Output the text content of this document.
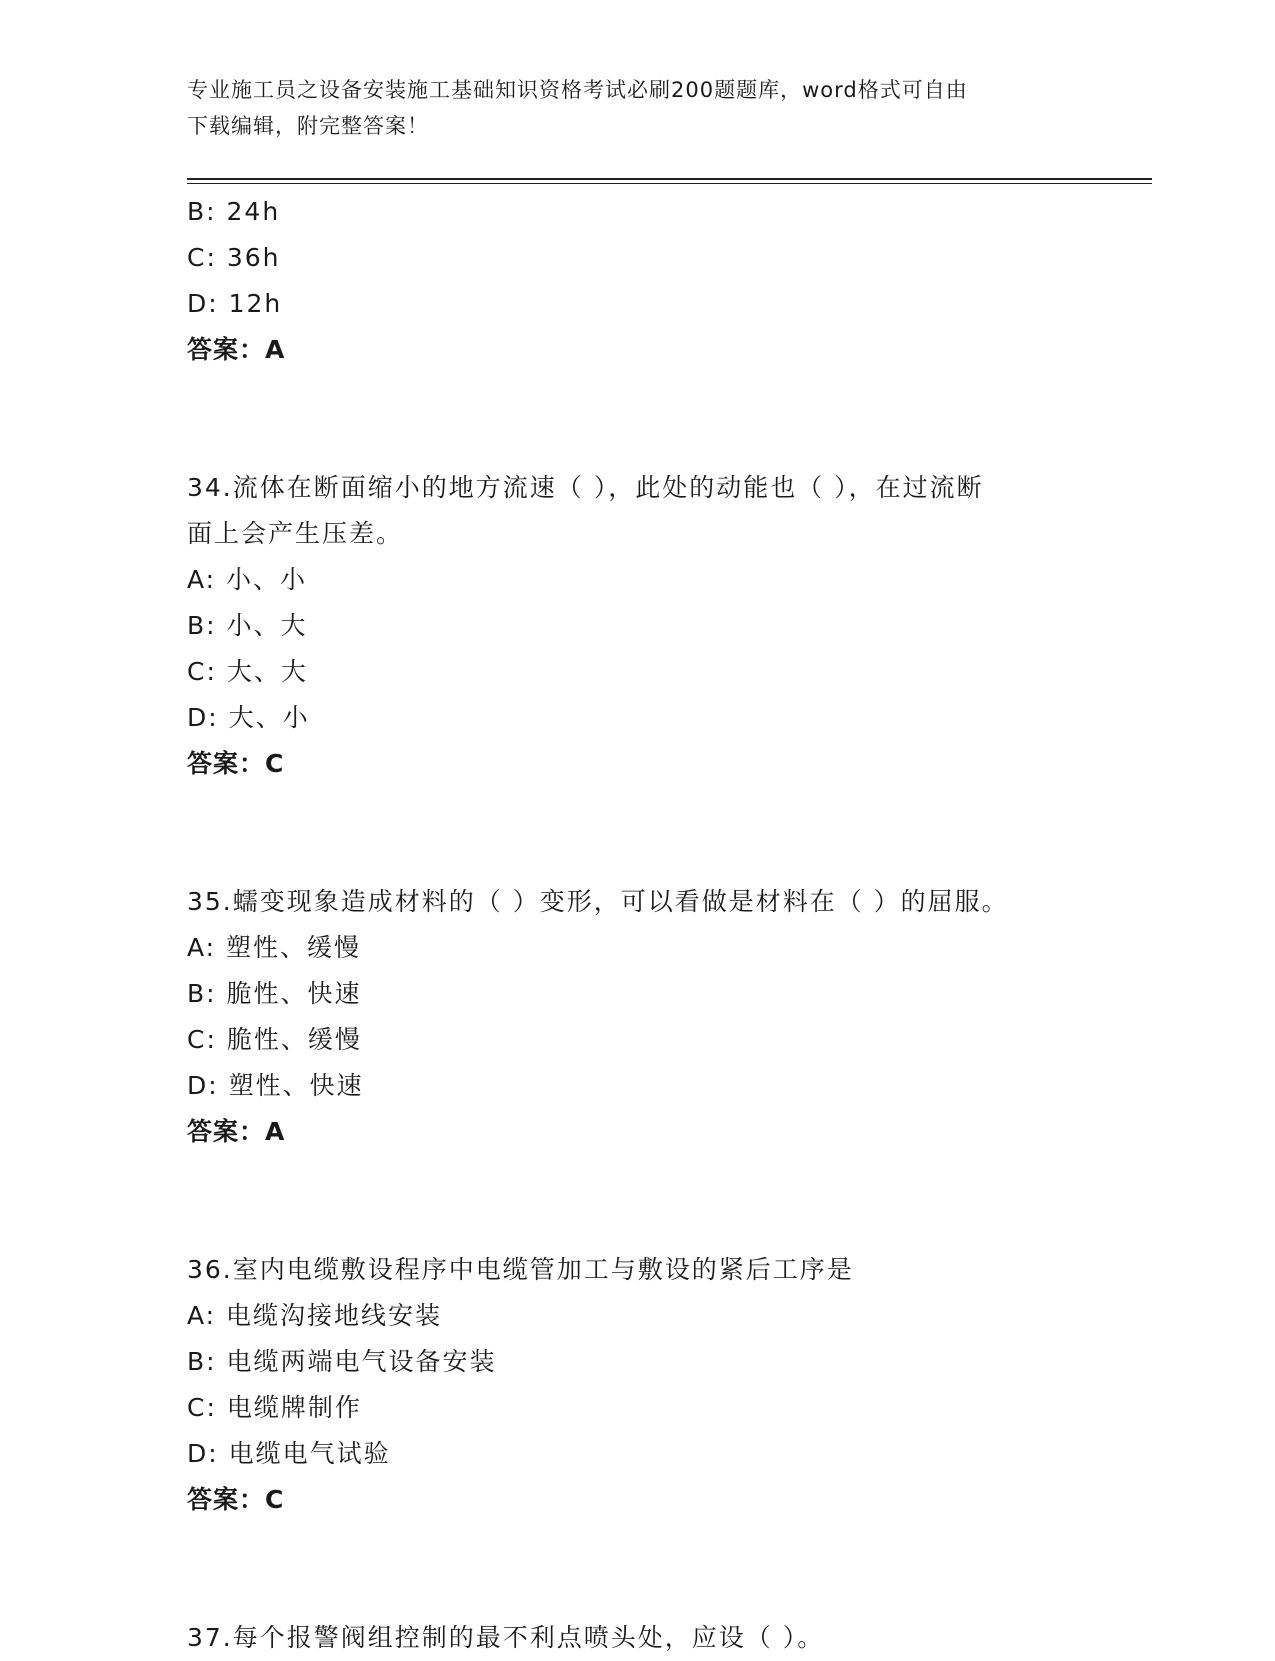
专业施工员之设备安装施工基础知识资格考试必刷200题题库，word格式可自由
下载编辑，附完整答案！
B: 24h
C: 36h
D: 12h
答案：A
34.流体在断面缩小的地方流速（ ），此处的动能也（ ），在过流断
面上会产生压差。
A: 小、小
B: 小、大
C: 大、大
D: 大、小
答案：C
35.蠕变现象造成材料的（ ）变形，可以看做是材料在（ ）的屈服。
A: 塑性、缓慢
B: 脆性、快速
C: 脆性、缓慢
D: 塑性、快速
答案：A
36.室内电缆敷设程序中电缆管加工与敷设的紧后工序是
A: 电缆沟接地线安装
B: 电缆两端电气设备安装
C: 电缆牌制作
D: 电缆电气试验
答案：C
37.每个报警阀组控制的最不利点喷头处，应设（ ）。
